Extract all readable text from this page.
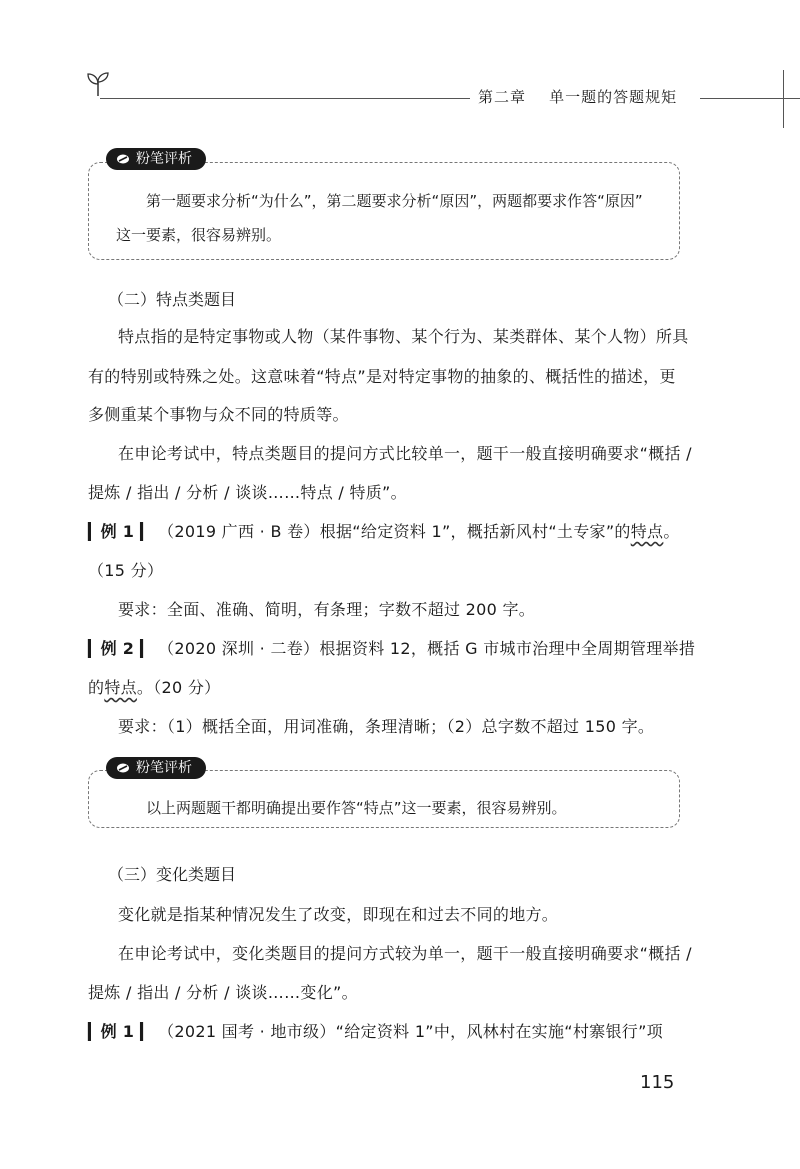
第二章 单一题的答题规矩
粉笔评析
第一题要求分析“为什么”，第二题要求分析“原因”，两题都要求作答“原因”
这一要素，很容易辨别。
（二）特点类题目
特点指的是特定事物或人物（某件事物、某个行为、某类群体、某个人物）所具
有的特别或特殊之处。这意味着“特点”是对特定事物的抽象的、概括性的描述，更
多侧重某个事物与众不同的特质等。
在申论考试中，特点类题目的提问方式比较单一，题干一般直接明确要求“概括 /
提炼 / 指出 / 分析 / 谈谈……特点 / 特质”。
▎例 1 ▎ （2019 广西 · B 卷）根据“给定资料 1”，概括新风村“土专家”的特点。
（15 分）
要求：全面、准确、简明，有条理；字数不超过 200 字。
▎例 2 ▎ （2020 深圳 · 二卷）根据资料 12，概括 G 市城市治理中全周期管理举措
的特点。（20 分）
要求：（1）概括全面，用词准确，条理清晰；（2）总字数不超过 150 字。
粉笔评析
以上两题题干都明确提出要作答“特点”这一要素，很容易辨别。
（三）变化类题目
变化就是指某种情况发生了改变，即现在和过去不同的地方。
在申论考试中，变化类题目的提问方式较为单一，题干一般直接明确要求“概括 /
提炼 / 指出 / 分析 / 谈谈……变化”。
▎例 1 ▎ （2021 国考 · 地市级）“给定资料 1”中，风林村在实施“村寨银行”项
115
